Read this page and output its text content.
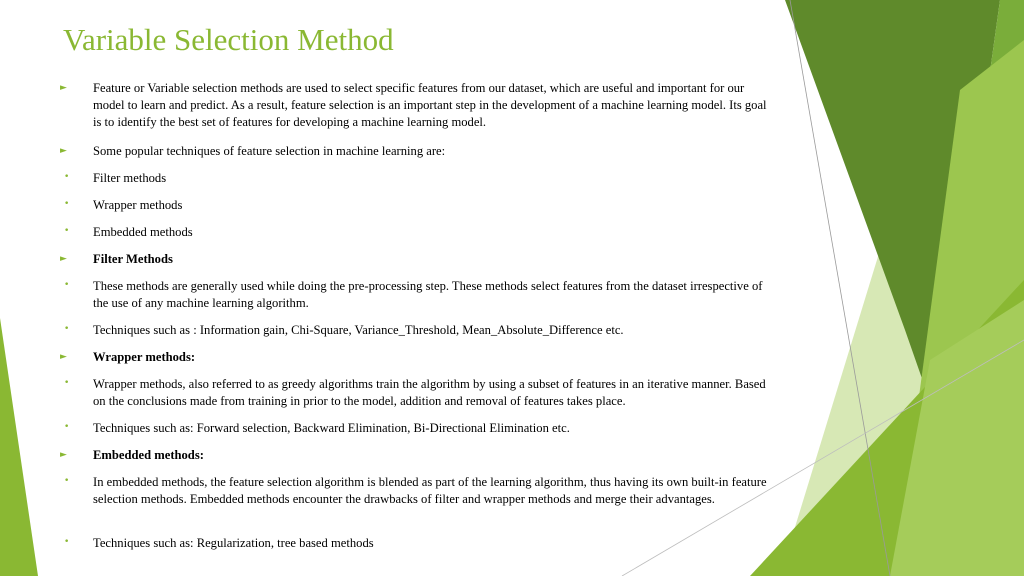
Variable Selection Method
► Feature or Variable selection methods are used to select specific features from our dataset, which are useful and important for our model to learn and predict. As a result, feature selection is an important step in the development of a machine learning model. Its goal is to identify the best set of features for developing a machine learning model.
► Some popular techniques of feature selection in machine learning are:
• Filter methods
• Wrapper methods
• Embedded methods
► Filter Methods
• These methods are generally used while doing the pre-processing step. These methods select features from the dataset irrespective of the use of any machine learning algorithm.
• Techniques such as : Information gain, Chi-Square, Variance_Threshold, Mean_Absolute_Difference etc.
► Wrapper methods:
• Wrapper methods, also referred to as greedy algorithms train the algorithm by using a subset of features in an iterative manner. Based on the conclusions made from training in prior to the model, addition and removal of features takes place.
• Techniques such as: Forward selection, Backward Elimination, Bi-Directional Elimination etc.
► Embedded methods:
• In embedded methods, the feature selection algorithm is blended as part of the learning algorithm, thus having its own built-in feature selection methods. Embedded methods encounter the drawbacks of filter and wrapper methods and merge their advantages.
• Techniques such as: Regularization, tree based methods
